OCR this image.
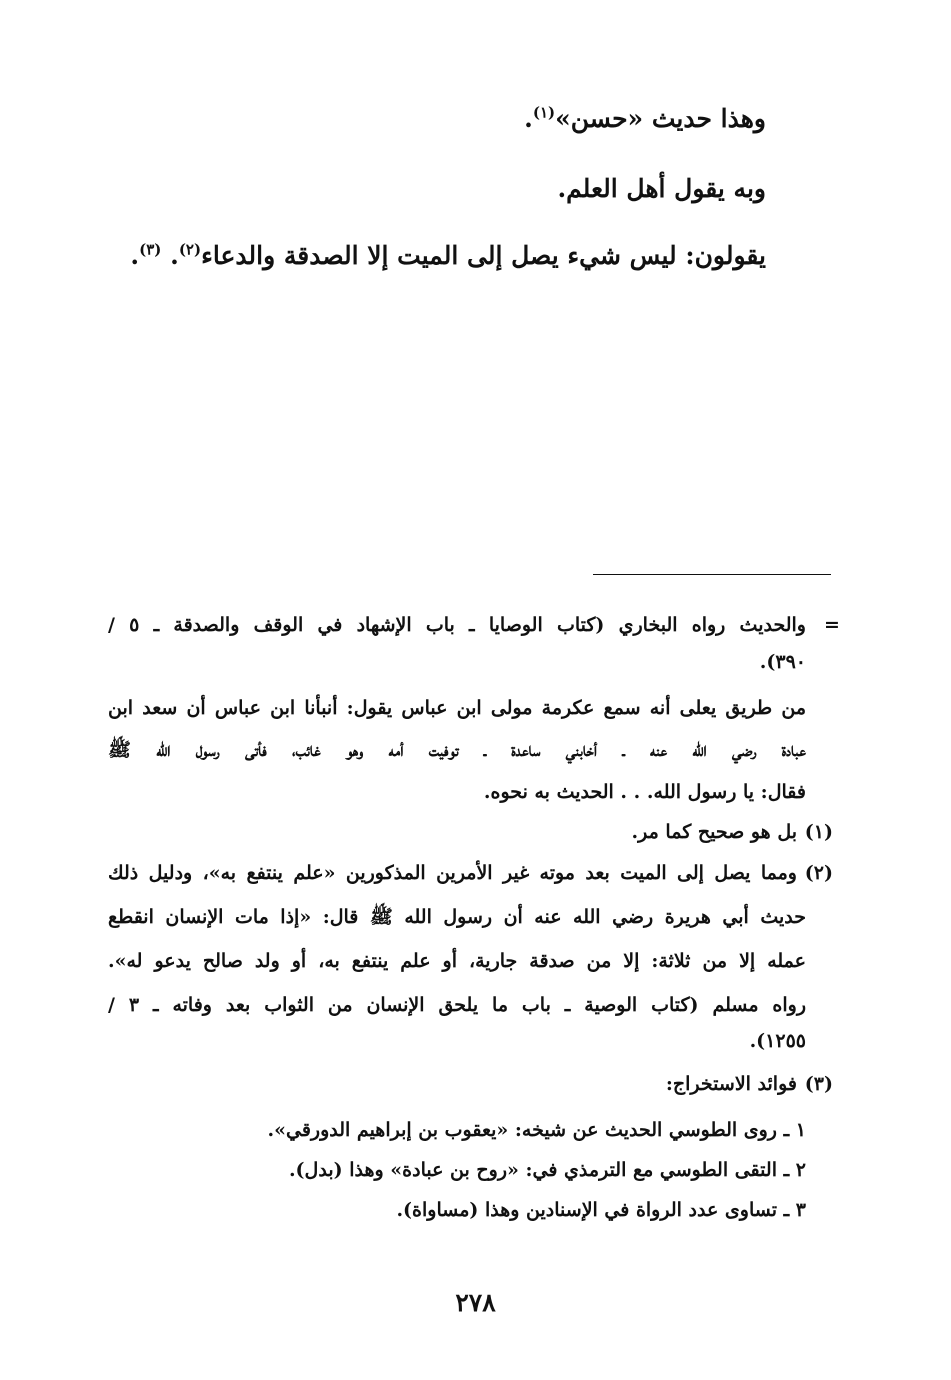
وهذا حديث «حسن»$^{(١)}$.

وبه يقول أهل العلم.

يقولون: ليس شيء يصل إلى الميت إلا الصدقة والدعاء$^{(٢)}$. $^{(٣)}$.

=

والحديث رواه البخاري (كتاب الوصايا ـ باب الإشهاد في الوقف والصدقة ـ ٥ /

٣٩٠).

من طريق يعلى أنه سمع عكرمة مولى ابن عباس يقول: أنبأنا ابن عباس أن سعد ابن

عبادة رضي الله عنه ـ أخابني ساعدة ـ توفيت أمه وهو غائب، فأتى رسول الله ﷺ

فقال: يا رسول الله. . . الحديث به نحوه.

(١)بل هو صحيح كما مر.

(٢)ومما يصل إلى الميت بعد موته غير الأمرين المذكورين «علم ينتفع به»، ودليل ذلك

حديث أبي هريرة رضي الله عنه أن رسول الله ﷺ قال: «إذا مات الإنسان انقطع

عمله إلا من ثلاثة: إلا من صدقة جارية، أو علم ينتفع به، أو ولد صالح يدعو له».

رواه مسلم (كتاب الوصية ـ باب ما يلحق الإنسان من الثواب بعد وفاته ـ ٣ /

١٢٥٥).

(٣)فوائد الاستخراج:

١ ـ روى الطوسي الحديث عن شيخه: «يعقوب بن إبراهيم الدورقي».

٢ ـ التقى الطوسي مع الترمذي في: «روح بن عبادة» وهذا (بدل).

٣ ـ تساوى عدد الرواة في الإسنادين وهذا (مساواة).

٢٧٨
